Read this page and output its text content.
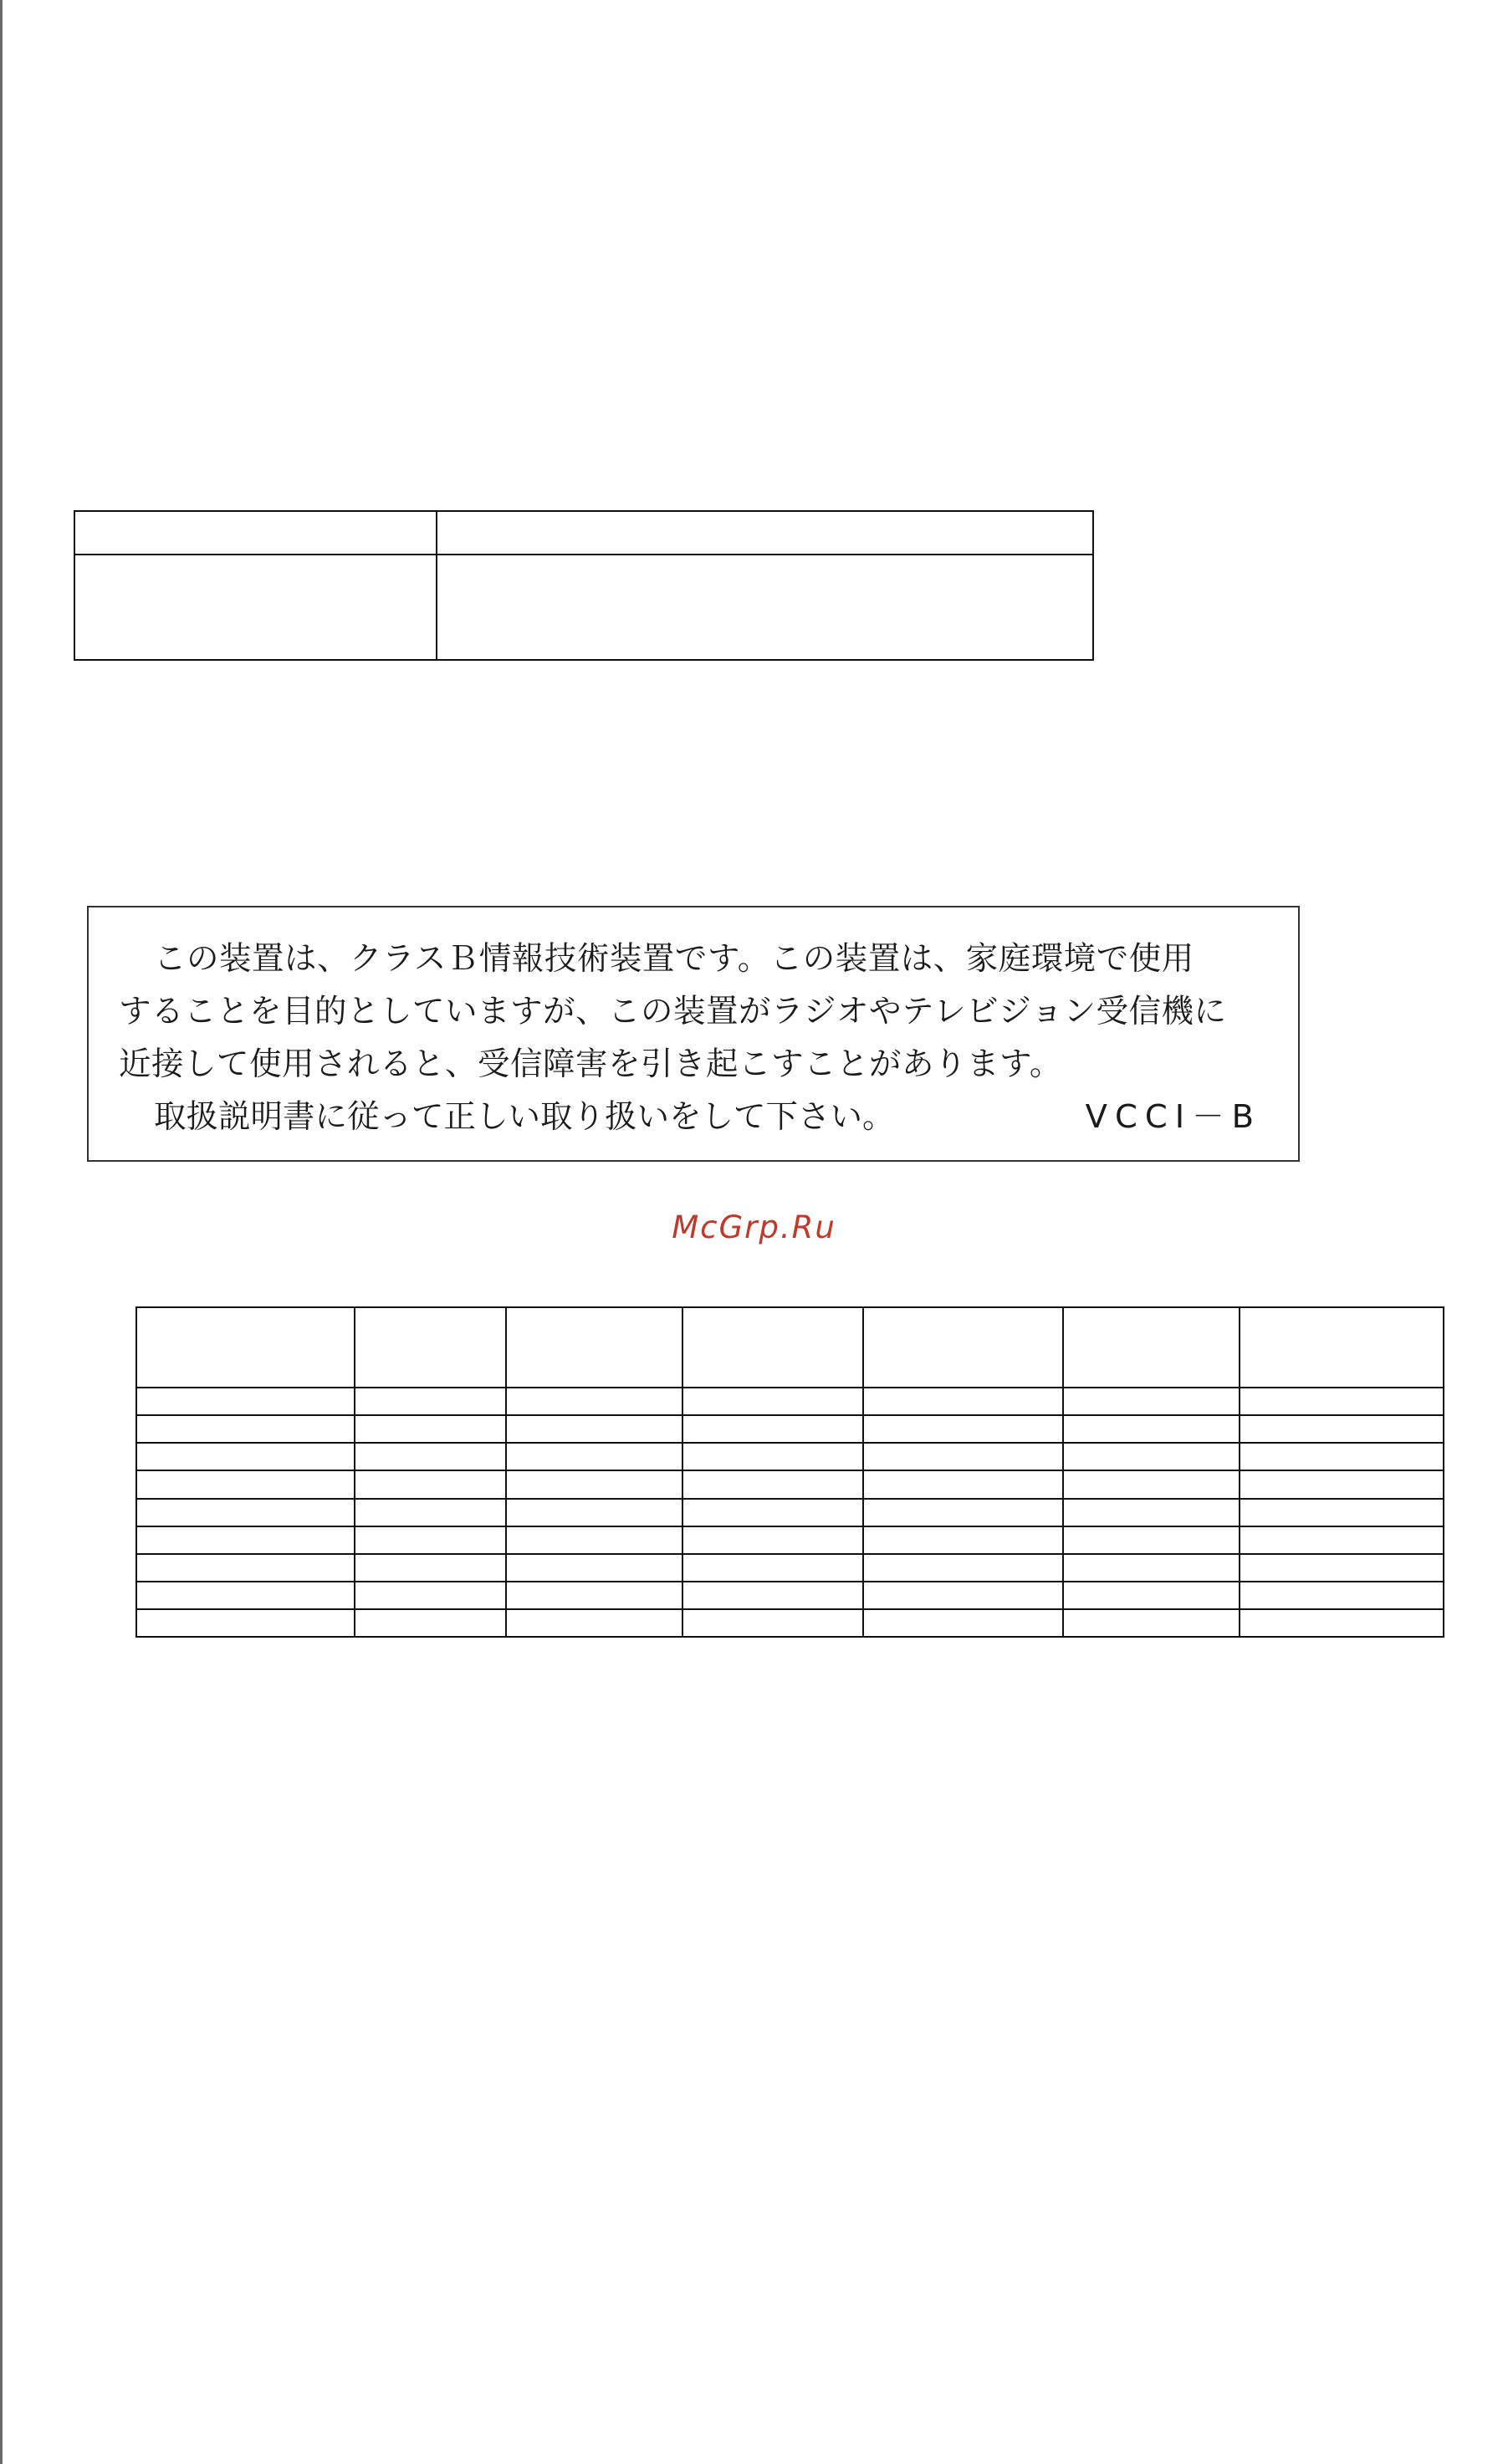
この装置は、クラスＢ情報技術装置です。この装置は、家庭環境で使用
することを目的としていますが、この装置がラジオやテレビジョン受信機に
近接して使用されると、受信障害を引き起こすことがあります。
取扱説明書に従って正しい取り扱いをして下さい。	VCCI－B
McGrp.Ru
